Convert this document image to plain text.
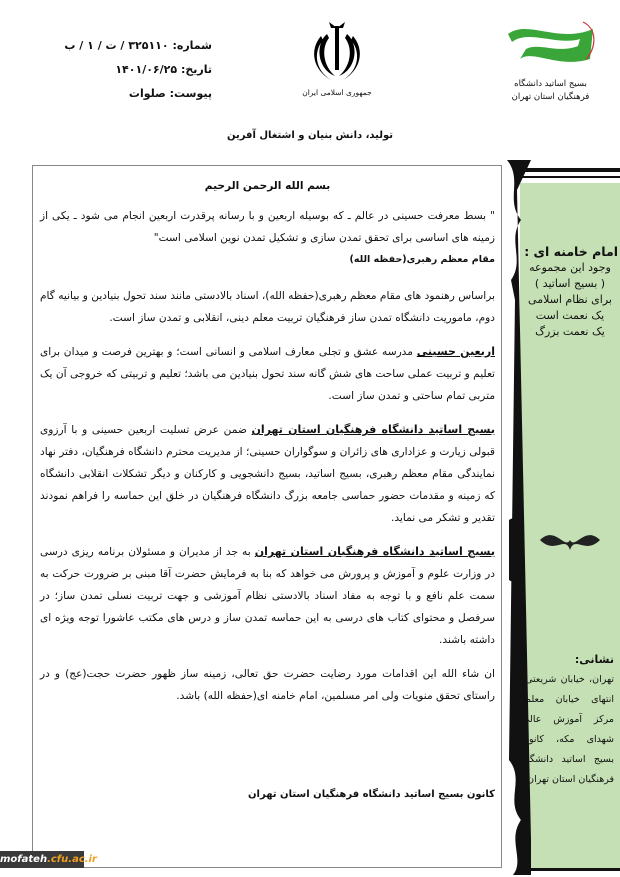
بسیج اساتید دانشگاه فرهنگیان استان تهران
جمهوری اسلامی ایران
شماره: ۳۲۵۱۱۰ / ت / ۱ / ب
تاریخ: ۱۴۰۱/۰۶/۲۵
پیوست: صلوات
تولید، دانش بنیان و اشتغال آفرین

بسم الله الرحمن الرحیم

" بسط معرفت حسینی در عالم ـ که بوسیله اربعین و با رسانه پرقدرت اربعین انجام می شود ـ یکی از زمینه های اساسی برای تحقق تمدن سازی و تشکیل تمدن نوین اسلامی است"

مقام معظم رهبری(حفظه الله)

براساس رهنمود های مقام معظم رهبری(حفظه الله)، اسناد بالادستی مانند سند تحول بنیادین و بیانیه گام دوم، ماموریت دانشگاه تمدن ساز فرهنگیان تربیت معلم دینی، انقلابی و تمدن ساز است.

اربعین حسینی مدرسه عشق و تجلی معارف اسلامی و انسانی است؛ و بهترین فرصت و میدان برای تعلیم و تربیت عملی ساحت های شش گانه سند تحول بنیادین می باشد؛ تعلیم و تربیتی که خروجی آن یک متربی تمام ساحتی و تمدن ساز است.

بسیج اساتید دانشگاه فرهنگیان استان تهران ضمن عرض تسلیت اربعین حسینی و با آرزوی قبولی زیارت و عزاداری های زائران و سوگواران حسینی؛ از مدیریت محترم دانشگاه فرهنگیان، دفتر نهاد نمایندگی مقام معظم رهبری، بسیج اساتید، بسیج دانشجویی و کارکنان و دیگر تشکلات انقلابی دانشگاه که زمینه و مقدمات حضور حماسی جامعه بزرگ دانشگاه فرهنگیان در خلق این حماسه را فراهم نمودند تقدیر و تشکر می نماید.

بسیج اساتید دانشگاه فرهنگیان استان تهران به جد از مدیران و مسئولان برنامه ریزی درسی در وزارت علوم و آموزش و پرورش می خواهد که بنا به فرمایش حضرت آقا مبنی بر ضرورت حرکت به سمت علم نافع و با توجه به مفاد اسناد بالادستی نظام آموزشی و جهت تربیت نسلی تمدن ساز؛ در سرفصل و محتوای کتاب های درسی به این حماسه تمدن ساز و درس های مکتب عاشورا توجه ویژه ای داشته باشند.

ان شاء الله این اقدامات مورد رضایت حضرت حق تعالی، زمینه ساز ظهور حضرت حجت(عج) و در راستای تحقق منویات ولی امر مسلمین، امام خامنه ای(حفظه الله) باشد.

کانون بسیج اساتید دانشگاه فرهنگیان استان تهران
امام خامنه ای :
وجود این مجموعه
( بسیج اساتید )
برای نظام اسلامی
یک نعمت است
یک نعمت بزرگ
نشانی:
تهران، خیابان شریعتی، انتهای خیابان معلم، مرکز آموزش عالی شهدای مکه، کانون بسیج اساتید دانشگاه فرهنگیان استان تهران
mofateh.cfu.ac.ir
